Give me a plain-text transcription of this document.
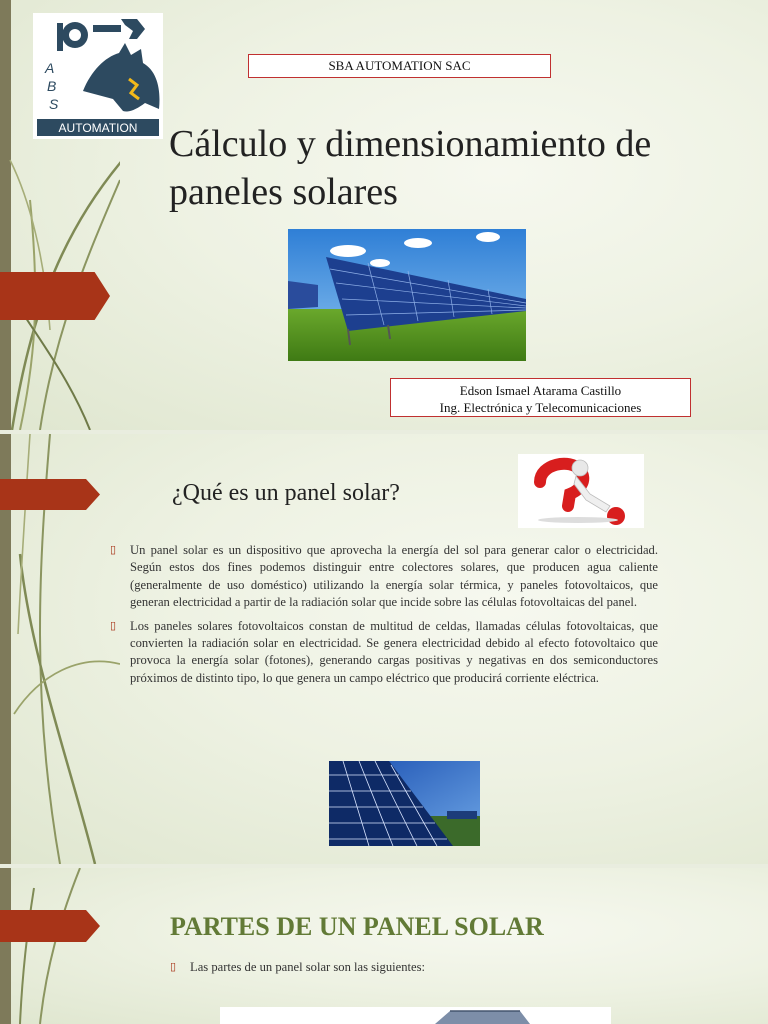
A
B
S
AUTOMATION
SBA AUTOMATION SAC
Cálculo y dimensionamiento de
paneles solares
Edson Ismael Atarama Castillo
Ing. Electrónica y Telecomunicaciones
¿Qué es un panel solar?
▯ Un panel solar es un dispositivo que aprovecha la energía del sol para generar calor o electricidad. Según estos dos fines podemos distinguir entre colectores solares, que producen agua caliente (generalmente de uso doméstico) utilizando la energía solar térmica, y paneles fotovoltaicos, que generan electricidad a partir de la radiación solar que incide sobre las células fotovoltaicas del panel.
▯ Los paneles solares fotovoltaicos constan de multitud de celdas, llamadas células fotovoltaicas, que convierten la radiación solar en electricidad. Se genera electricidad debido al efecto fotovoltaico que provoca la energía solar (fotones), generando cargas positivas y negativas en dos semiconductores próximos de distinto tipo, lo que genera un campo eléctrico que producirá corriente eléctrica.
PARTES DE UN PANEL SOLAR
▯ Las partes de un panel solar son las siguientes:
